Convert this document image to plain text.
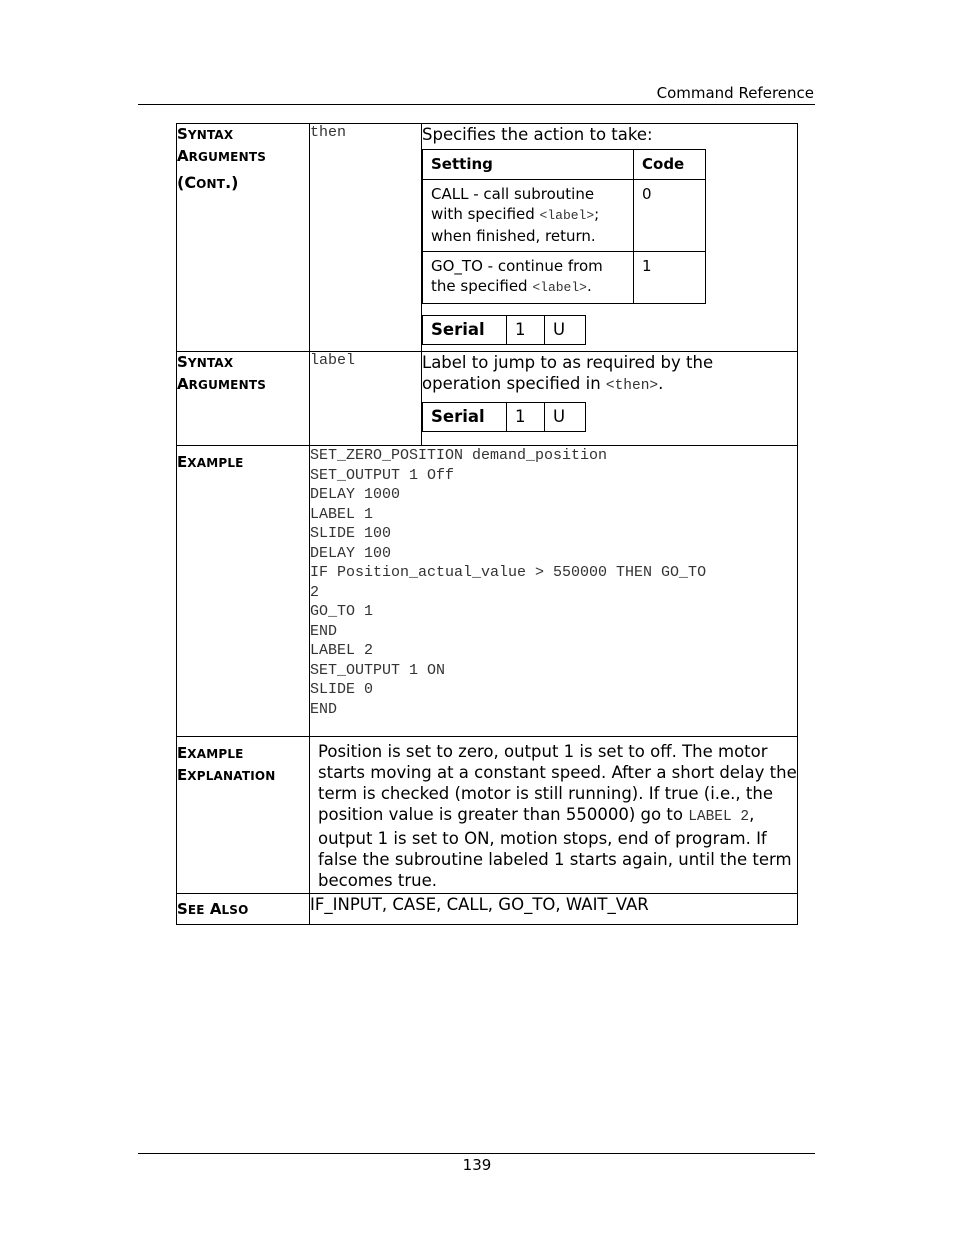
Command Reference
SYNTAX
ARGUMENTS
(CONT.)
	then	Specifies the action to take:
Setting	Code
CALL - call subroutine with specified <label>; when finished, return.	0
GO_TO - continue from the specified <label>.	1
Serial	1	U

SYNTAX
ARGUMENTS
	label	Label to jump to as required by the operation specified in <then>.
Serial	1	U

EXAMPLE	SET_ZERO_POSITION demand_position
SET_OUTPUT 1 Off
DELAY 1000
LABEL 1
SLIDE 100
DELAY 100
IF Position_actual_value > 550000 THEN GO_TO
2
GO_TO 1
END
LABEL 2
SET_OUTPUT 1 ON
SLIDE 0
END

EXAMPLE
EXPLANATION
	Position is set to zero, output 1 is set to off. The motor starts moving at a constant speed. After a short delay the term is checked (motor is still running). If true (i.e., the position value is greater than 550000) go to LABEL 2, output 1 is set to ON, motion stops, end of program. If false the subroutine labeled 1 starts again, until the term becomes true.

SEE ALSO	IF_INPUT, CASE, CALL, GO_TO, WAIT_VAR
139
